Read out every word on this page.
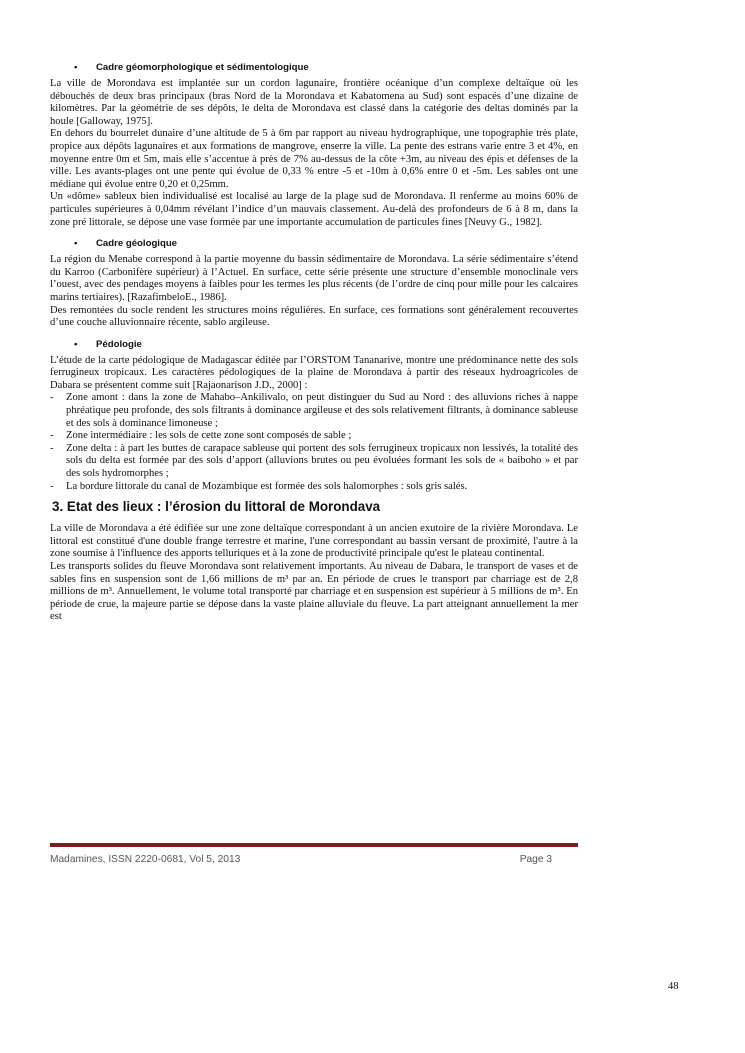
•	Cadre géomorphologique et sédimentologique

La ville de Morondava est implantée sur un cordon lagunaire, frontière océanique d’un complexe deltaïque où les débouchés de deux bras principaux (bras Nord de la Morondava et Kabatomena au Sud) sont espacés d’une dizaine de kilomètres. Par la géométrie de ses dépôts, le delta de Morondava est classé dans la catégorie des deltas dominés par la houle [Galloway, 1975].

En dehors du bourrelet dunaire d’une altitude de 5 à 6m par rapport au niveau hydrographique, une topographie très plate, propice aux dépôts lagunaires et aux formations de mangrove, enserre la ville. La pente des estrans varie entre 3 et 4%, en moyenne entre 0m et 5m, mais elle s’accentue à près de 7% au-dessus de la côte +3m, au niveau des épis et défenses de la ville. Les avants-plages ont une pente qui évolue de 0,33 % entre -5 et -10m à 0,6% entre 0 et -5m. Les sables ont une médiane qui évolue entre 0,20 et 0,25mm.

Un «dôme» sableux bien individualisé est localisé au large de la plage sud de Morondava. Il renferme au moins 60% de particules supérieures à 0,04mm révélant l’indice d’un mauvais classement. Au-delà des profondeurs de 6 à 8 m, dans la zone pré littorale, se dépose une vase formée par une importante accumulation de particules fines [Neuvy G., 1982].

•	Cadre géologique

La région du Menabe correspond à la partie moyenne du bassin sédimentaire de Morondava. La série sédimentaire s’étend du Karroo (Carbonifère supérieur) à l’Actuel. En surface, cette série présente une structure d’ensemble monoclinale vers l’ouest, avec des pendages moyens à faibles pour les termes les plus récents (de l’ordre de cinq pour mille pour les calcaires marins tertiaires). [RazafimbeloE., 1986].

Des remontées du socle rendent les structures moins régulières. En surface, ces formations sont généralement recouvertes d’une couche alluvionnaire récente, sablo argileuse.

•	Pédologie

L’étude de la carte pédologique de Madagascar éditée par l’ORSTOM Tananarive, montre une prédominance nette des sols ferrugineux tropicaux. Les caractères pédologiques de la plaine de Morondava à partir des réseaux hydroagricoles de Dabara se présentent comme suit [Rajaonarison J.D., 2000] :

-	Zone amont : dans la zone de Mahabo–Ankilivalo, on peut distinguer du Sud au Nord : des alluvions riches à nappe phréatique peu profonde, des sols filtrants à dominance argileuse et des sols relativement filtrants, à dominance sableuse et des sols à dominance limoneuse ;
-	Zone intermédiaire : les sols de cette zone sont composés de sable ;
-	Zone delta : à part les buttes de carapace sableuse qui portent des sols ferrugineux tropicaux non lessivés, la totalité des sols du delta est formée par des sols d’apport (alluvions brutes ou peu évoluées formant les sols de « baiboho » et par des sols hydromorphes ;
-	La bordure littorale du canal de Mozambique est formée des sols halomorphes : sols gris salés.
3. Etat des lieux : l’érosion du littoral de Morondava

La ville de Morondava a été édifiée sur une zone deltaïque correspondant à un ancien exutoire de la rivière Morondava. Le littoral est constitué d'une double frange terrestre et marine, l'une correspondant au bassin versant de proximité, l'autre à la zone soumise à l'influence des apports telluriques et à la zone de productivité principale qu'est le plateau continental.

Les transports solides du fleuve Morondava sont relativement importants. Au niveau de Dabara, le transport de vases et de sables fins en suspension sont de 1,66 millions de m³ par an. En période de crues le transport par charriage est de 2,8 millions de m³. Annuellement, le volume total transporté par charriage et en suspension est supérieur à 5 millions de m³. En période de crue, la majeure partie se dépose dans la vaste plaine alluviale du fleuve. La part atteignant annuellement la mer est

Madamines, ISSN 2220-0681, Vol 5, 2013	Page 3
48
